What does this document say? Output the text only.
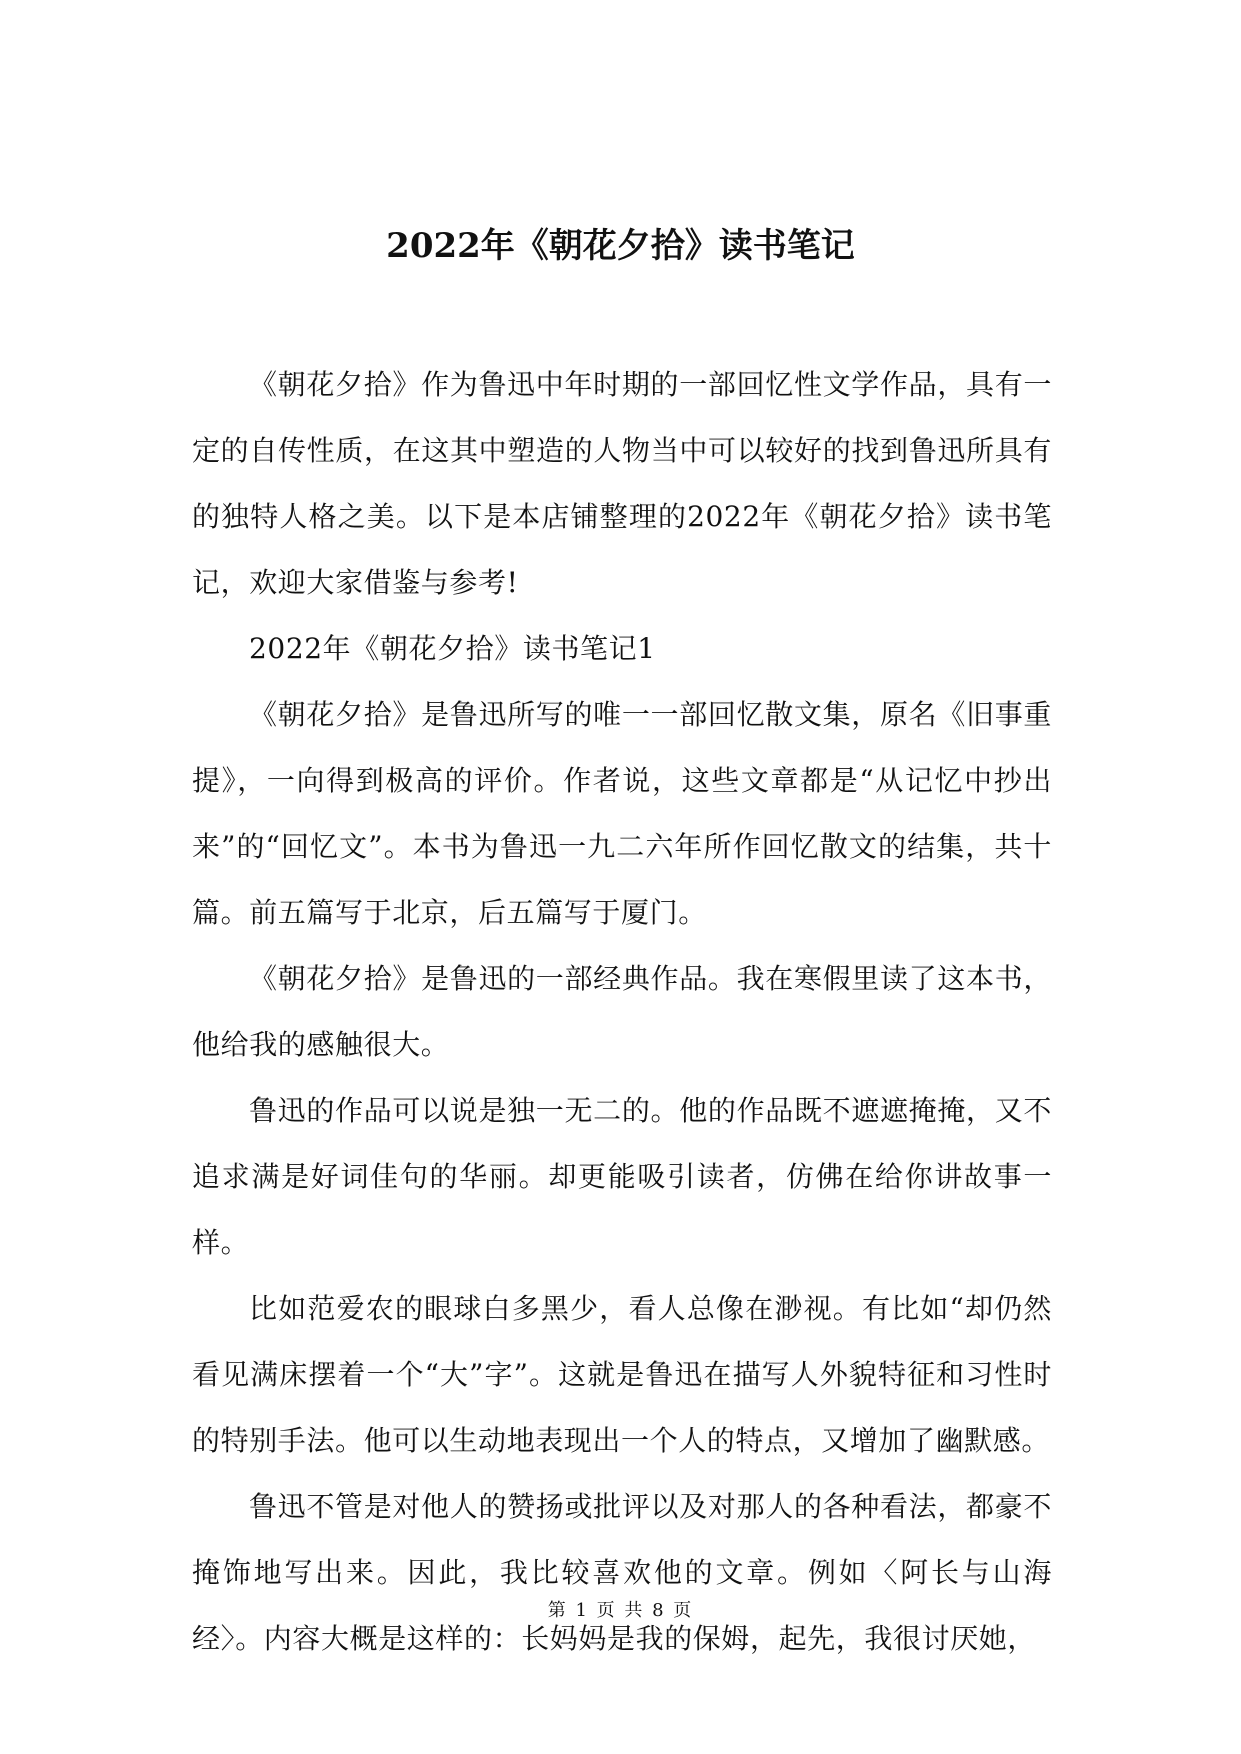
2022年《朝花夕拾》读书笔记

《朝花夕拾》作为鲁迅中年时期的一部回忆性文学作品，具有一定的自传性质，在这其中塑造的人物当中可以较好的找到鲁迅所具有的独特人格之美。以下是本店铺整理的2022年《朝花夕拾》读书笔记，欢迎大家借鉴与参考!

2022年《朝花夕拾》读书笔记1

《朝花夕拾》是鲁迅所写的唯一一部回忆散文集，原名《旧事重提》，一向得到极高的评价。作者说，这些文章都是“从记忆中抄出来”的“回忆文”。本书为鲁迅一九二六年所作回忆散文的结集，共十篇。前五篇写于北京，后五篇写于厦门。

《朝花夕拾》是鲁迅的一部经典作品。我在寒假里读了这本书，他给我的感触很大。

鲁迅的作品可以说是独一无二的。他的作品既不遮遮掩掩，又不追求满是好词佳句的华丽。却更能吸引读者，仿佛在给你讲故事一样。

比如范爱农的眼球白多黑少，看人总像在渺视。有比如“却仍然看见满床摆着一个“大”字”。这就是鲁迅在描写人外貌特征和习性时的特别手法。他可以生动地表现出一个人的特点，又增加了幽默感。

鲁迅不管是对他人的赞扬或批评以及对那人的各种看法，都豪不掩饰地写出来。因此，我比较喜欢他的文章。例如〈阿长与山海经〉。内容大概是这样的：长妈妈是我的保姆，起先，我很讨厌她，

第 1 页 共 8 页
